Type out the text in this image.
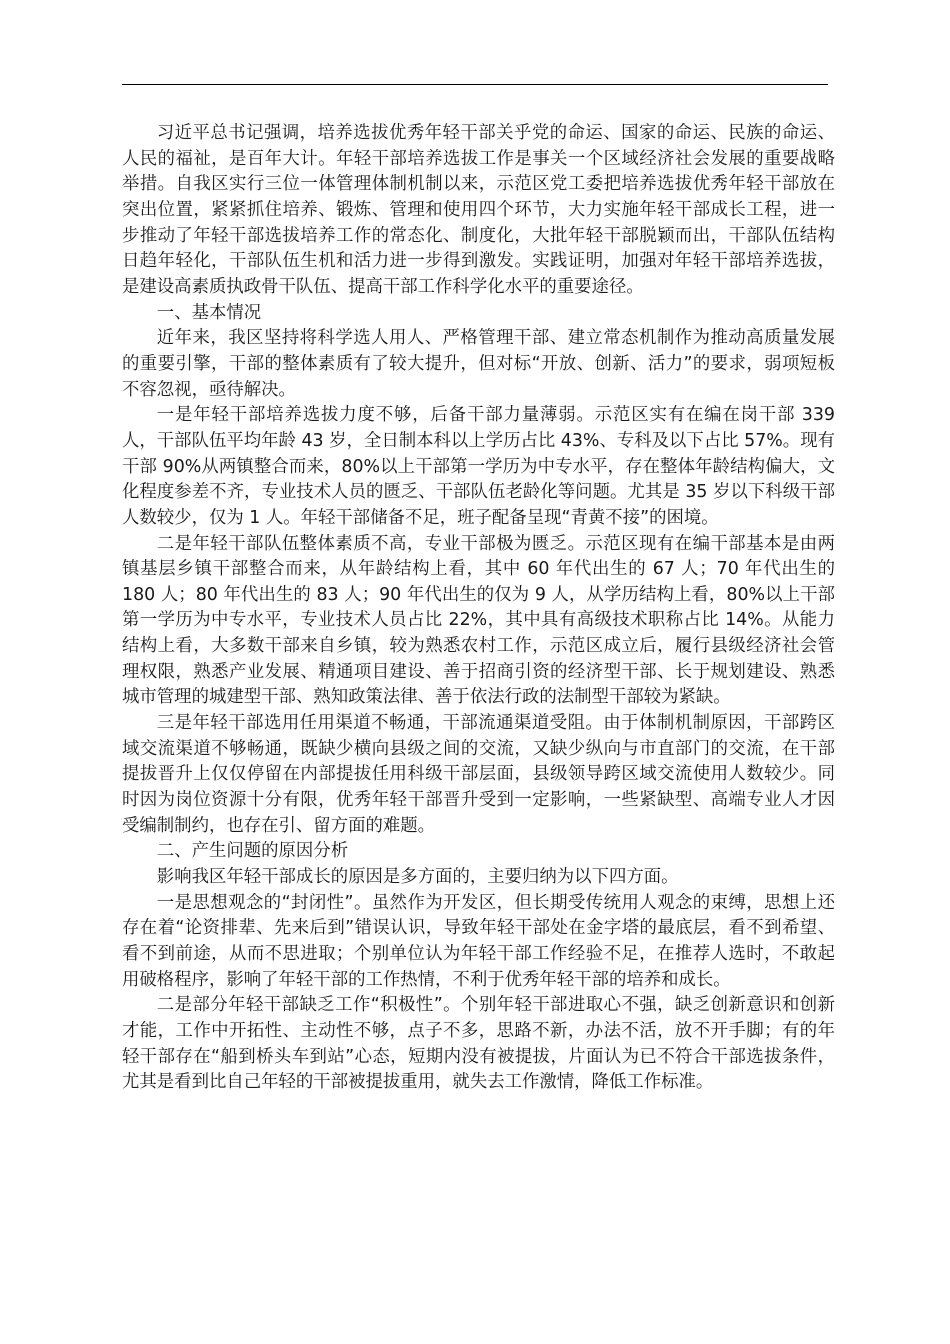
习近平总书记强调，培养选拔优秀年轻干部关乎党的命运、国家的命运、民族的命运、人民的福祉，是百年大计。年轻干部培养选拔工作是事关一个区域经济社会发展的重要战略举措。自我区实行三位一体管理体制机制以来，示范区党工委把培养选拔优秀年轻干部放在突出位置，紧紧抓住培养、锻炼、管理和使用四个环节，大力实施年轻干部成长工程，进一步推动了年轻干部选拔培养工作的常态化、制度化，大批年轻干部脱颖而出，干部队伍结构日趋年轻化，干部队伍生机和活力进一步得到激发。实践证明，加强对年轻干部培养选拔，是建设高素质执政骨干队伍、提高干部工作科学化水平的重要途径。

一、基本情况

近年来，我区坚持将科学选人用人、严格管理干部、建立常态机制作为推动高质量发展的重要引擎，干部的整体素质有了较大提升，但对标“开放、创新、活力”的要求，弱项短板不容忽视，亟待解决。

一是年轻干部培养选拔力度不够，后备干部力量薄弱。示范区实有在编在岗干部 339 人，干部队伍平均年龄 43 岁，全日制本科以上学历占比 43%、专科及以下占比 57%。现有干部 90%从两镇整合而来，80%以上干部第一学历为中专水平，存在整体年龄结构偏大，文化程度参差不齐，专业技术人员的匮乏、干部队伍老龄化等问题。尤其是 35 岁以下科级干部人数较少，仅为 1 人。年轻干部储备不足，班子配备呈现“青黄不接”的困境。

二是年轻干部队伍整体素质不高，专业干部极为匮乏。示范区现有在编干部基本是由两镇基层乡镇干部整合而来，从年龄结构上看，其中 60 年代出生的 67 人；70 年代出生的 180 人；80 年代出生的 83 人；90 年代出生的仅为 9 人，从学历结构上看，80%以上干部第一学历为中专水平，专业技术人员占比 22%，其中具有高级技术职称占比 14%。从能力结构上看，大多数干部来自乡镇，较为熟悉农村工作，示范区成立后，履行县级经济社会管理权限，熟悉产业发展、精通项目建设、善于招商引资的经济型干部、长于规划建设、熟悉城市管理的城建型干部、熟知政策法律、善于依法行政的法制型干部较为紧缺。

三是年轻干部选用任用渠道不畅通，干部流通渠道受阻。由于体制机制原因，干部跨区域交流渠道不够畅通，既缺少横向县级之间的交流，又缺少纵向与市直部门的交流，在干部提拔晋升上仅仅停留在内部提拔任用科级干部层面，县级领导跨区域交流使用人数较少。同时因为岗位资源十分有限，优秀年轻干部晋升受到一定影响，一些紧缺型、高端专业人才因受编制制约，也存在引、留方面的难题。

二、产生问题的原因分析

影响我区年轻干部成长的原因是多方面的，主要归纳为以下四方面。

一是思想观念的“封闭性”。虽然作为开发区，但长期受传统用人观念的束缚，思想上还存在着“论资排辈、先来后到”错误认识，导致年轻干部处在金字塔的最底层，看不到希望、看不到前途，从而不思进取；个别单位认为年轻干部工作经验不足，在推荐人选时，不敢起用破格程序，影响了年轻干部的工作热情，不利于优秀年轻干部的培养和成长。

二是部分年轻干部缺乏工作“积极性”。个别年轻干部进取心不强，缺乏创新意识和创新才能，工作中开拓性、主动性不够，点子不多，思路不新，办法不活，放不开手脚；有的年轻干部存在“船到桥头车到站”心态，短期内没有被提拔，片面认为已不符合干部选拔条件，尤其是看到比自己年轻的干部被提拔重用，就失去工作激情，降低工作标准。
